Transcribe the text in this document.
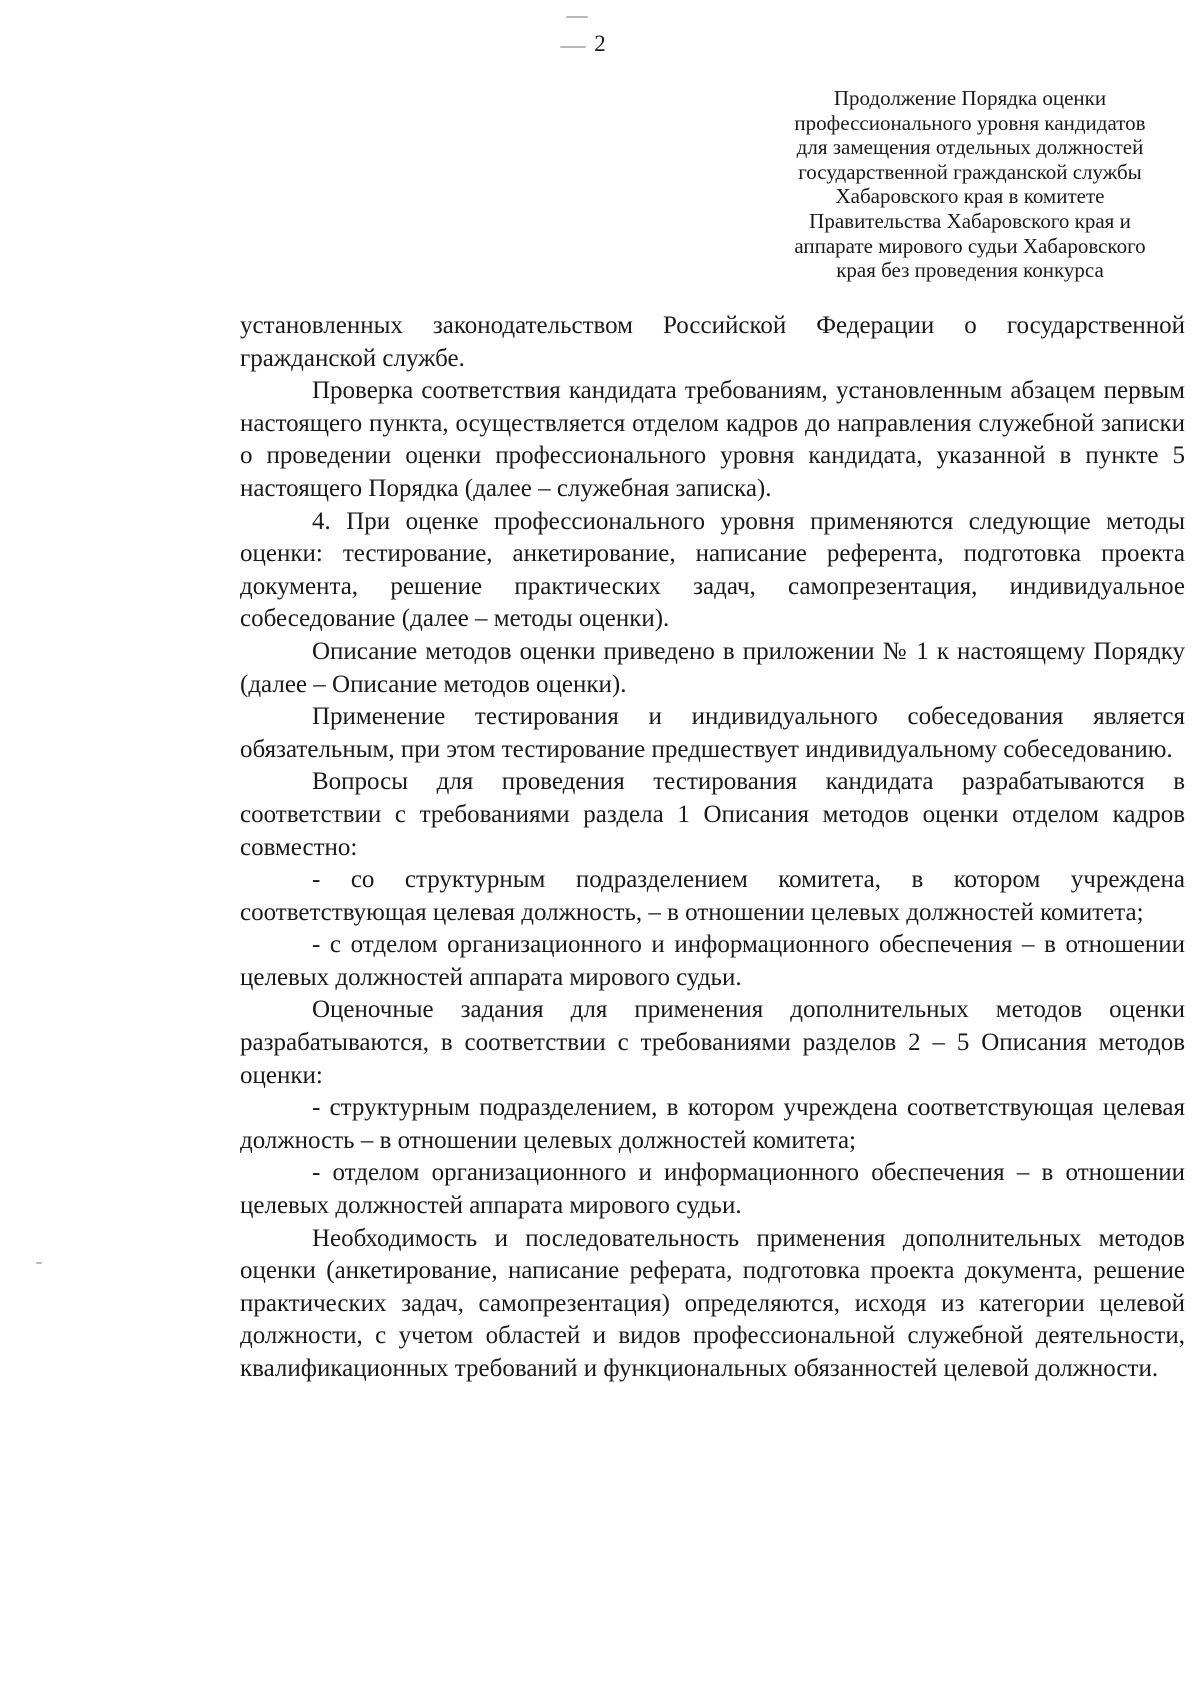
2
Продолжение Порядка оценки
профессионального уровня кандидатов
для замещения отдельных должностей
государственной гражданской службы
Хабаровского края в комитете
Правительства Хабаровского края и
аппарате мирового судьи Хабаровского
края без проведения конкурса

установленных законодательством Российской Федерации о государственной гражданской службе.

Проверка соответствия кандидата требованиям, установленным абзацем первым настоящего пункта, осуществляется отделом кадров до направления служебной записки о проведении оценки профессионального уровня кандидата, указанной в пункте 5 настоящего Порядка (далее – служебная записка).

4. При оценке профессионального уровня применяются следующие методы оценки: тестирование, анкетирование, написание референта, подготовка проекта документа, решение практических задач, самопрезентация, индивидуальное собеседование (далее – методы оценки).

Описание методов оценки приведено в приложении № 1 к настоящему Порядку (далее – Описание методов оценки).

Применение тестирования и индивидуального собеседования является обязательным, при этом тестирование предшествует индивидуальному собеседованию.

Вопросы для проведения тестирования кандидата разрабатываются в соответствии с требованиями раздела 1 Описания методов оценки отделом кадров совместно:

- со структурным подразделением комитета, в котором учреждена соответствующая целевая должность, – в отношении целевых должностей комитета;

- с отделом организационного и информационного обеспечения – в отношении целевых должностей аппарата мирового судьи.

Оценочные задания для применения дополнительных методов оценки разрабатываются, в соответствии с требованиями разделов 2 – 5 Описания методов оценки:

- структурным подразделением, в котором учреждена соответствующая целевая должность – в отношении целевых должностей комитета;

- отделом организационного и информационного обеспечения – в отношении целевых должностей аппарата мирового судьи.

Необходимость и последовательность применения дополнительных методов оценки (анкетирование, написание реферата, подготовка проекта документа, решение практических задач, самопрезентация) определяются, исходя из категории целевой должности, с учетом областей и видов профессиональной служебной деятельности, квалификационных требований и функциональных обязанностей целевой должности.
